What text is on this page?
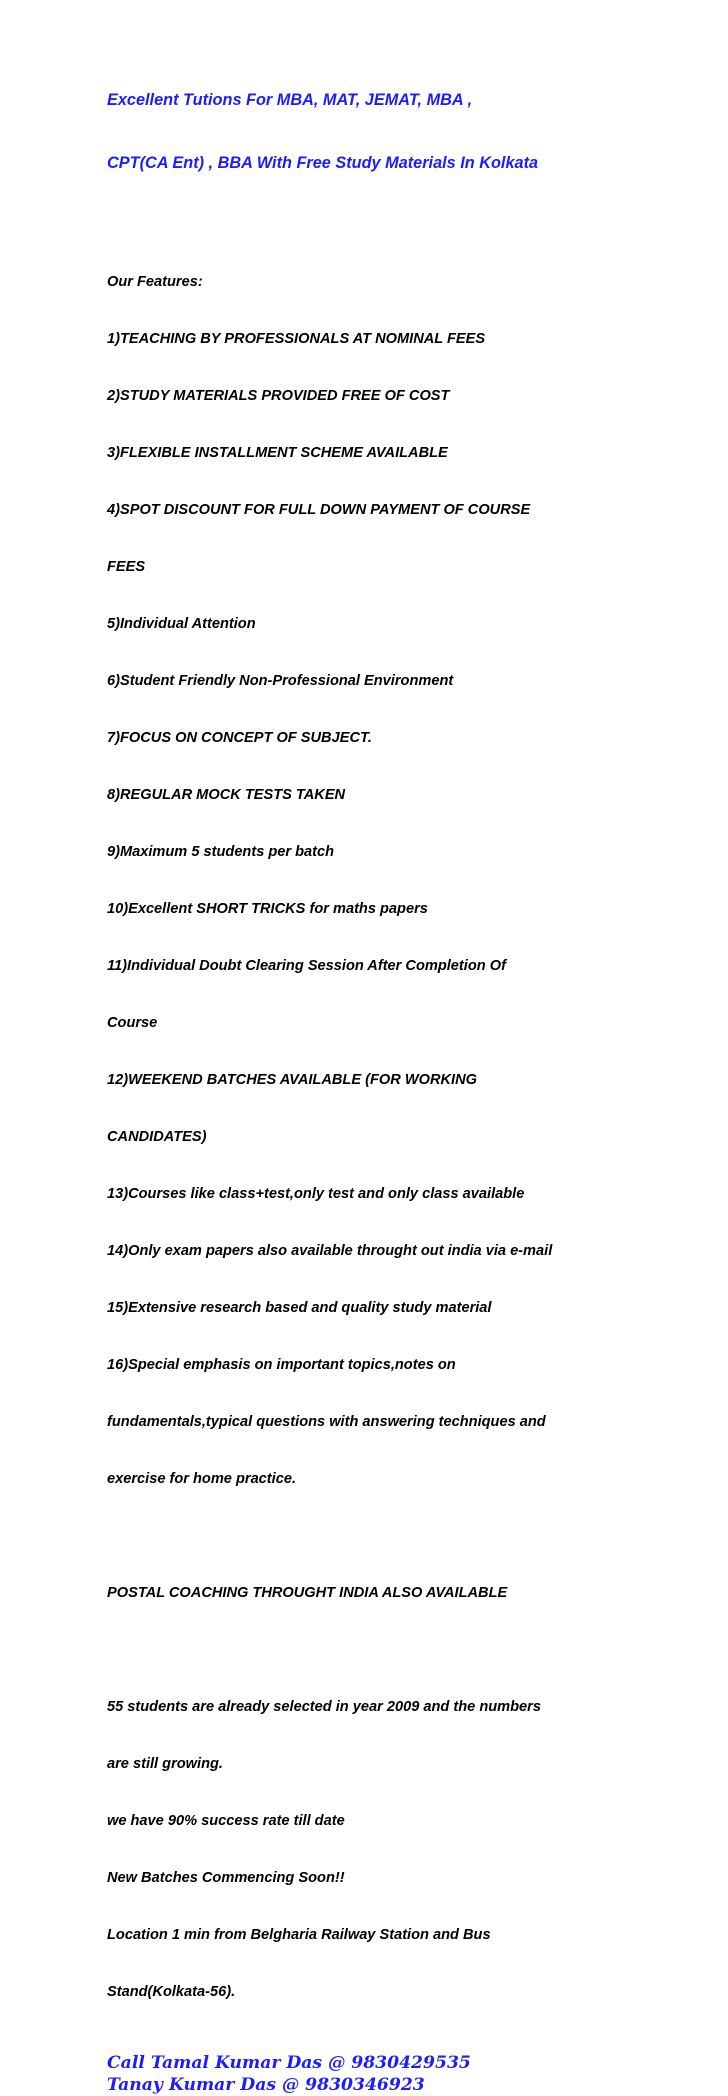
Excellent Tutions For MBA, MAT, JEMAT, MBA ,

CPT(CA Ent) , BBA With Free Study Materials In Kolkata

Our Features:

1)TEACHING BY PROFESSIONALS AT NOMINAL FEES

2)STUDY MATERIALS PROVIDED FREE OF COST

3)FLEXIBLE INSTALLMENT SCHEME AVAILABLE

4)SPOT DISCOUNT FOR FULL DOWN PAYMENT OF COURSE

FEES

5)Individual Attention

6)Student Friendly Non-Professional Environment

7)FOCUS ON CONCEPT OF SUBJECT.

8)REGULAR MOCK TESTS TAKEN

9)Maximum 5 students per batch

10)Excellent SHORT TRICKS for maths papers

11)Individual Doubt Clearing Session After Completion Of

Course

12)WEEKEND BATCHES AVAILABLE (FOR WORKING

CANDIDATES)

13)Courses like class+test,only test and only class available

14)Only exam papers also available throught out india via e-mail

15)Extensive research based and quality study material

16)Special emphasis on important topics,notes on

fundamentals,typical questions with answering techniques and

exercise for home practice.

POSTAL COACHING THROUGHT INDIA ALSO AVAILABLE

55 students are already selected in year 2009 and the numbers

are still growing.

we have 90% success rate till date

New Batches Commencing Soon!!

Location 1 min from Belgharia Railway Station and Bus

Stand(Kolkata-56).

Call Tamal Kumar Das @ 9830429535
Tanay Kumar Das @ 9830346923
